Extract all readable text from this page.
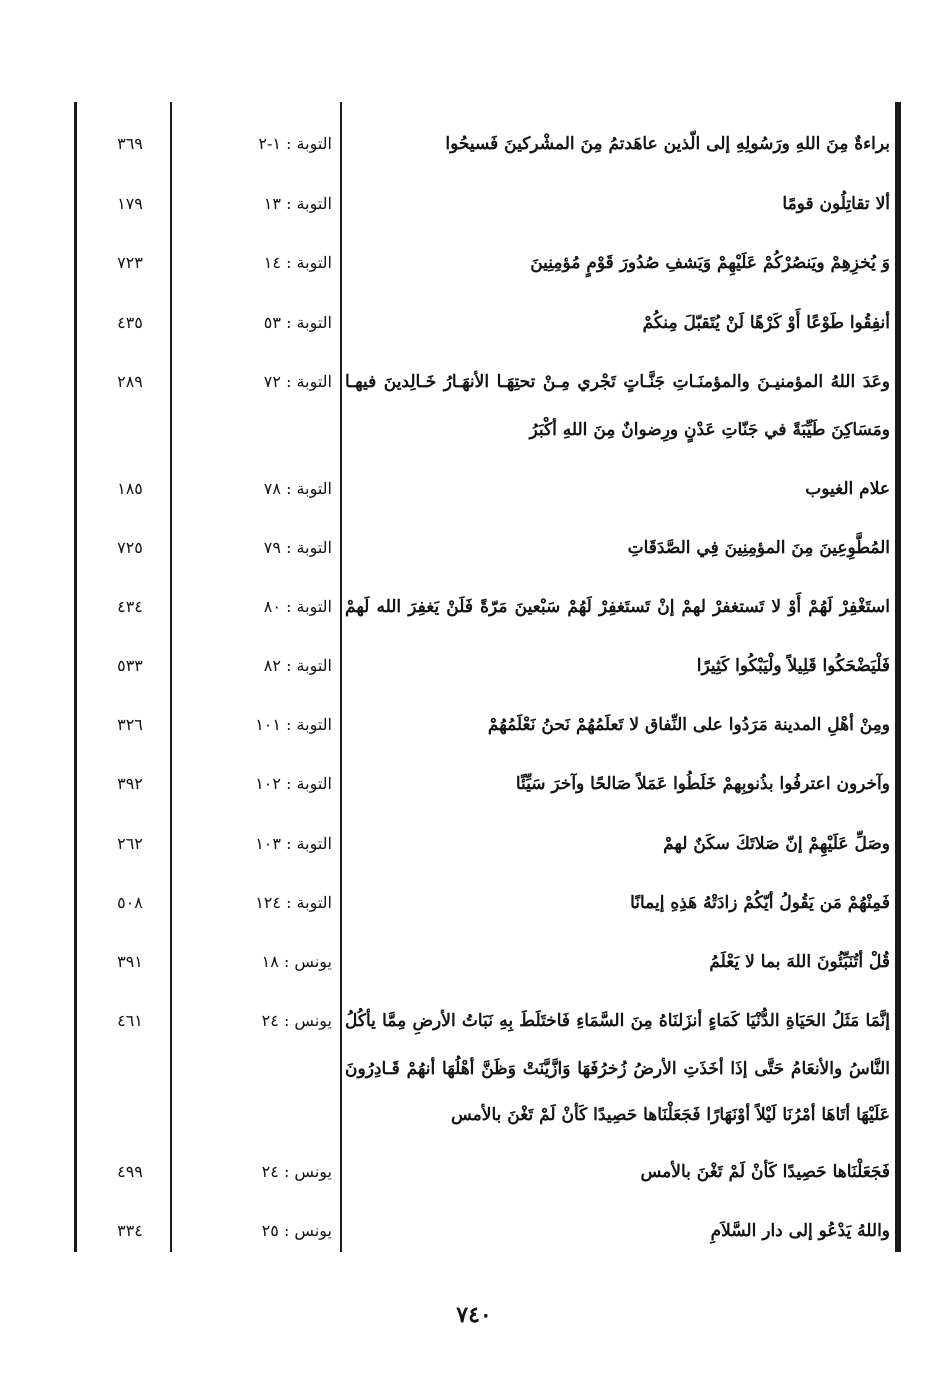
براءةٌ مِنَ اللهِ ورَسُولِهِ إلى الّذين عاهَدتمُ مِنَ المشْركينَ فَسيحُوا
التوبة : ١-٢
٣٦٩
ألا تقاتِلُون قومًا
التوبة : ١٣
١٧٩
وَ يُخزِهِمْ ويَنصُرْكُمْ عَلَيْهِمْ وَيَشفِ صُدُورَ قَوْمٍ مُؤمِنِينَ
التوبة : ١٤
٧٢٣
أنفِقُوا طَوْعًا أَوْ كَرْهًا لَنْ يُتَقبّلَ مِنكُمْ
التوبة : ٥٣
٤٣٥
وعَدَ اللهُ المؤمنيـنَ والمؤمنَـاتِ جَنَّـاتٍ تَجْري مِـنْ تحتِهَـا الأنهَـارُ خَـالِدينَ فيهـا
ومَسَاكِنَ طَيِّبَةً في جَنّاتِ عَدْنٍ ورِضوانٌ مِنَ اللهِ أكْبَرُ
التوبة : ٧٢
٢٨٩
علام الغيوب
التوبة : ٧٨
١٨٥
المُطَّوِعِينَ مِنَ المؤمِنِينَ فِي الصَّدَقَاتِ
التوبة : ٧٩
٧٢٥
استَغْفِرْ لَهُمْ أَوْ لا تَستغفرْ لهمْ إنْ تَستَغفِرْ لَهُمْ سَبْعينَ مَرّةً فَلَنْ يَغفِرَ الله لَهمْ
التوبة : ٨٠
٤٣٤
فَلْيَضْحَكُوا قَلِيلاً ولْيَبْكُوا كَثِيرًا
التوبة : ٨٢
٥٣٣
ومِنْ أهْلِ المدينة مَرَدُوا على النِّفاق لا تَعلَمُهُمْ نَحنُ نَعْلَمُهُمْ
التوبة : ١٠١
٣٢٦
وآخرون اعترفُوا بذُنوبِهمْ خَلَطُوا عَمَلاً صَالحًا وآخرَ سَيِّئًا
التوبة : ١٠٢
٣٩٢
وصَلِّ عَلَيْهِمْ إنّ صَلاتَكَ سكَنٌ لهمْ
التوبة : ١٠٣
٢٦٢
فَمِنْهُمْ مَن يَقُولُ أيّكُمْ زادَتْهُ هَذِهِ إيمانًا
التوبة : ١٢٤
٥٠٨
قُلْ أتُنَبِّئُونَ اللهَ بما لا يَعْلَمُ
يونس : ١٨
٣٩١
إنَّمَا مَثَلُ الحَيَاةِ الدُّنْيَا كَمَاءٍ أنزَلنَاهُ مِنَ السَّمَاءِ فَاختَلَطَ بِهِ نَبَاتُ الأرضِ مِمَّا يأكُلُ
النَّاسُ والأنعَامُ حَتَّى إذَا أخَذَتِ الأرضُ زُخرُفَهَا وَازَّيَّنَتْ وَظَنَّ أهْلُهَا أنهُمْ قَـادِرُونَ
عَلَيْهَا أتَاهَا أمْرُنَا لَيْلاً أوْنَهَارًا فَجَعَلْنَاها حَصِيدًا كَأنْ لَمْ تَغْنَ بالأمس
يونس : ٢٤
٤٦١
فَجَعَلْنَاها حَصِيدًا كَأنْ لَمْ تَغْنَ بالأمس
يونس : ٢٤
٤٩٩
واللهُ يَدْعُو إلى دار السَّلاَمِ
يونس : ٢٥
٣٣٤
٧٤٠
